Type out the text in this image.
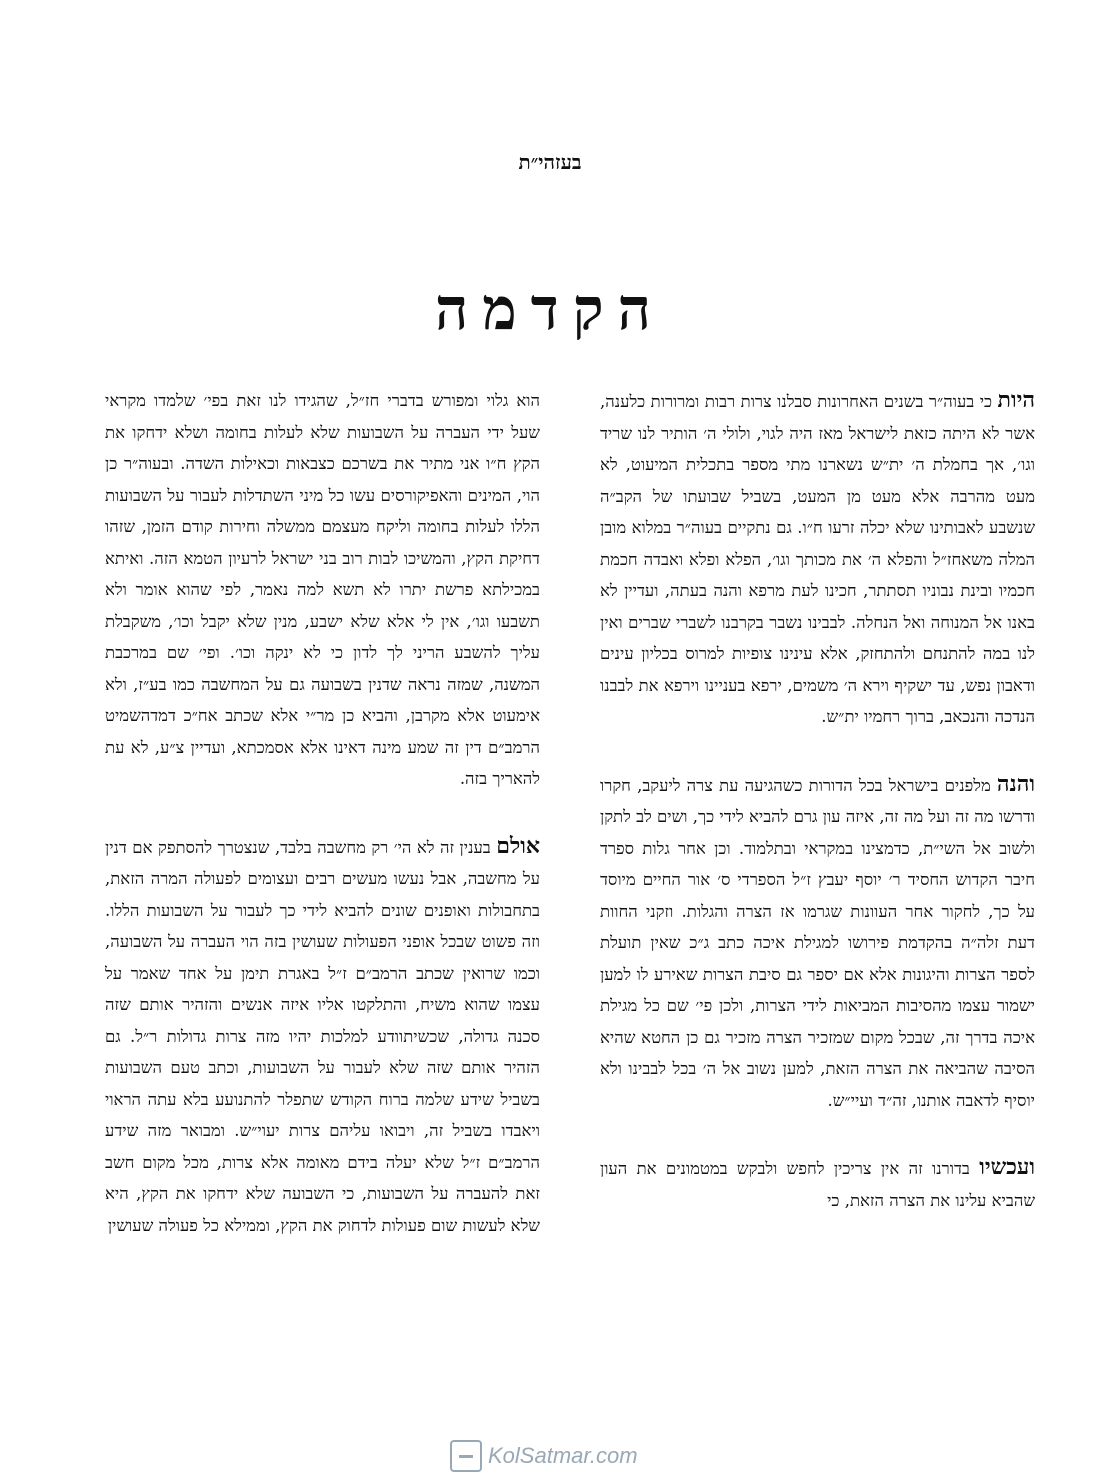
בעזהי״ת
הקדמה

היות כי בעוה״ר בשנים האחרונות סבלנו צרות רבות ומרורות כלענה, אשר לא היתה כזאת לישראל מאז היה לגוי, ולולי ה׳ הותיר לנו שריד וגו׳, אך בחמלת ה׳ ית״ש נשארנו מתי מספר בתכלית המיעוט, לא מעט מהרבה אלא מעט מן המעט, בשביל שבועתו של הקב״ה שנשבע לאבותינו שלא יכלה זרעו ח״ו. גם נתקיים בעוה״ר במלוא מובן המלה משאחז״ל והפלא ה׳ את מכותך וגו׳, הפלא ופלא ואבדה חכמת חכמיו ובינת נבוניו תסתתר, חכינו לעת מרפא והנה בעתה, ועדיין לא באנו אל המנוחה ואל הנחלה. לבבינו נשבר בקרבנו לשברי שברים ואין לנו במה להתנחם ולהתחזק, אלא עינינו צופיות למרוס בכליון עינים ודאבון נפש, עד ישקיף וירא ה׳ משמים, ירפא בעניינו וירפא את לבבנו הנדכה והנכאב, ברוך רחמיו ית״ש.

והנה מלפנים בישראל בכל הדורות כשהגיעה עת צרה ליעקב, חקרו ודרשו מה זה ועל מה זה, איזה עון גרם להביא לידי כך, ושים לב לתקן ולשוב אל השי״ת, כדמצינו במקראי ובתלמוד. וכן אחר גלות ספרד חיבר הקדוש החסיד ר׳ יוסף יעבץ ז״ל הספרדי ס׳ אור החיים מיוסד על כך, לחקור אחר העוונות שגרמו אז הצרה והגלות. וזקני החוות דעת זלה״ה בהקדמת פירושו למגילת איכה כתב ג״כ שאין תועלת לספר הצרות והיגונות אלא אם יספר גם סיבת הצרות שאירע לו למען ישמור עצמו מהסיבות המביאות לידי הצרות, ולכן פי׳ שם כל מגילת איכה בדרך זה, שבכל מקום שמזכיר הצרה מזכיר גם כן החטא שהיא הסיבה שהביאה את הצרה הזאת, למען נשוב אל ה׳ בכל לבבינו ולא יוסיף לדאבה אותנו, זה״ד ועיי״ש.

ועכשיו בדורנו זה אין צריכין לחפש ולבקש במטמונים את העון שהביא עלינו את הצרה הזאת, כי

הוא גלוי ומפורש בדברי חז״ל, שהגידו לנו זאת בפי׳ שלמדו מקראי שעל ידי העברה על השבועות שלא לעלות בחומה ושלא ידחקו את הקץ ח״ו אני מתיר את בשרכם כצבאות וכאילות השדה. ובעוה״ר כן הוי, המינים והאפיקורסים עשו כל מיני השתדלות לעבור על השבועות הללו לעלות בחומה וליקח מעצמם ממשלה וחירות קודם הזמן, שזהו דחיקת הקץ, והמשיכו לבות רוב בני ישראל לרעיון הטמא הזה. ואיתא במכילתא פרשת יתרו לא תשא למה נאמר, לפי שהוא אומר ולא תשבעו וגו׳, אין לי אלא שלא ישבע, מנין שלא יקבל וכו׳, משקבלת עליך להשבע הריני לך לדון כי לא ינקה וכו׳. ופי׳ שם במרכבת המשנה, שמזה נראה שדנין בשבועה גם על המחשבה כמו בע״ז, ולא אימעוט אלא מקרבן, והביא כן מר״י אלא שכתב אח״כ דמדהשמיט הרמב״ם דין זה שמע מינה דאינו אלא אסמכתא, ועדיין צ״ע, לא עת להאריך בזה.

אולם בענין זה לא הי׳ רק מחשבה בלבד, שנצטרך להסתפק אם דנין על מחשבה, אבל נעשו מעשים רבים ועצומים לפעולה המרה הזאת, בתחבולות ואופנים שונים להביא לידי כך לעבור על השבועות הללו. וזה פשוט שבכל אופני הפעולות שעושין בזה הוי העברה על השבועה, וכמו שרואין שכתב הרמב״ם ז״ל באגרת תימן על אחד שאמר על עצמו שהוא משיח, והתלקטו אליו איזה אנשים והזהיר אותם שזה סכנה גדולה, שכשיתוודע למלכות יהיו מזה צרות גדולות ר״ל. גם הזהיר אותם שזה שלא לעבור על השבועות, וכתב טעם השבועות בשביל שידע שלמה ברוח הקודש שתפלר להתנועע בלא עתה הראוי ויאבדו בשביל זה, ויבואו עליהם צרות יעוי״ש. ומבואר מזה שידע הרמב״ם ז״ל שלא יעלה בידם מאומה אלא צרות, מכל מקום חשב זאת להעברה על השבועות, כי השבועה שלא ידחקו את הקץ, היא שלא לעשות שום פעולות לדחוק את הקץ, וממילא כל פעולה שעושין

KolSatmar.com
